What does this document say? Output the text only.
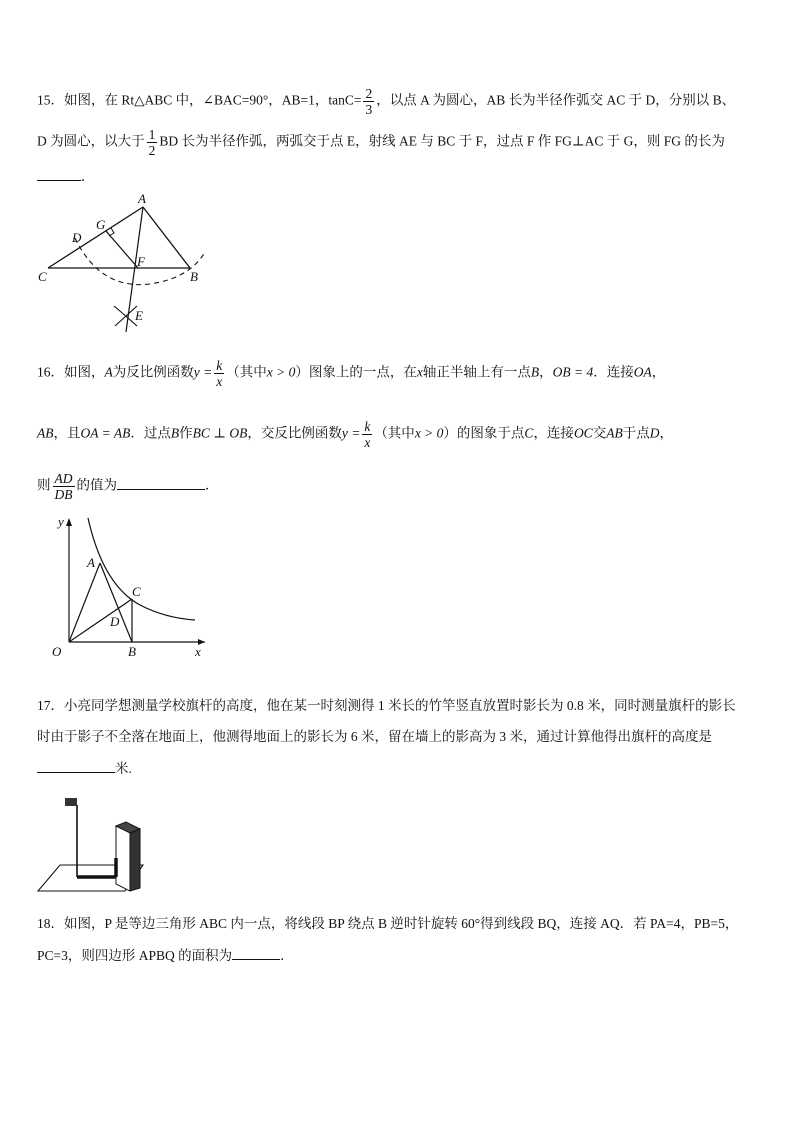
15．如图，在 Rt△ABC 中，∠BAC=90°，AB=1，$\tan C= \frac{2}{3}$ ，以点 A 为圆心，AB 长为半径作弧交 AC 于 D，分别以 B、
D 为圆心，以大于 $\frac{1}{2}$ BD 长为半径作弧，两弧交于点 E，射线 AE 与 BC 于 F，过点 F 作 FG⊥AC 于 G，则 FG 的长为
．
A
G
D
F
C	B
E
16．如图，A为反比例函数$y = \frac{k}{x}$ （其中x > 0）图象上的一点，在x轴正半轴上有一点B，OB = 4．连接OA，
AB，且OA = AB．过点B作BC ⊥ OB，交反比例函数$y = \frac{k}{x}$ （其中x > 0）的图象于点C，连接OC交AB于点D，
则 $\frac{AD}{DB}$ 的值为	．
y
A
C
D
O	B	x
17．小亮同学想测量学校旗杆的高度，他在某一时刻测得 1 米长的竹竿竖直放置时影长为 0.8 米，同时测量旗杆的影长
时由于影子不全落在地面上，他测得地面上的影长为 6 米，留在墙上的影高为 3 米，通过计算他得出旗杆的高度是
米.
18．如图，P 是等边三角形 ABC 内一点，将线段 BP 绕点 B 逆时针旋转 60°得到线段 BQ，连接 AQ．若 PA=4，PB=5，
PC=3，则四边形 APBQ 的面积为	．
